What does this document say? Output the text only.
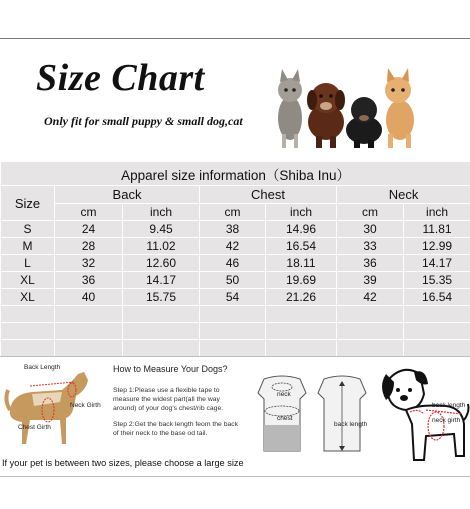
Size Chart
Only fit for small puppy & small dog,cat
Apparel size information（Shiba Inu）						
Size	Back		Chest		Neck	
	cm	inch	cm	inch	cm	inch
S	24	9.45	38	14.96	30	11.81
M	28	11.02	42	16.54	33	12.99
L	32	12.60	46	18.11	36	14.17
XL	36	14.17	50	19.69	39	15.35
XL	40	15.75	54	21.26	42	16.54

Back Length
Neck Girth
Chest Girth
How to Measure Your Dogs?
Step 1:Please use a flexible tape to measure the widest part(all the way around) of your dog's chest/rib cage.
Step 2:Get the back length feom the back of their neck to the base od tail.
neck
chest
back length
back length
neck girth
If your pet is between two sizes, please choose a large size
